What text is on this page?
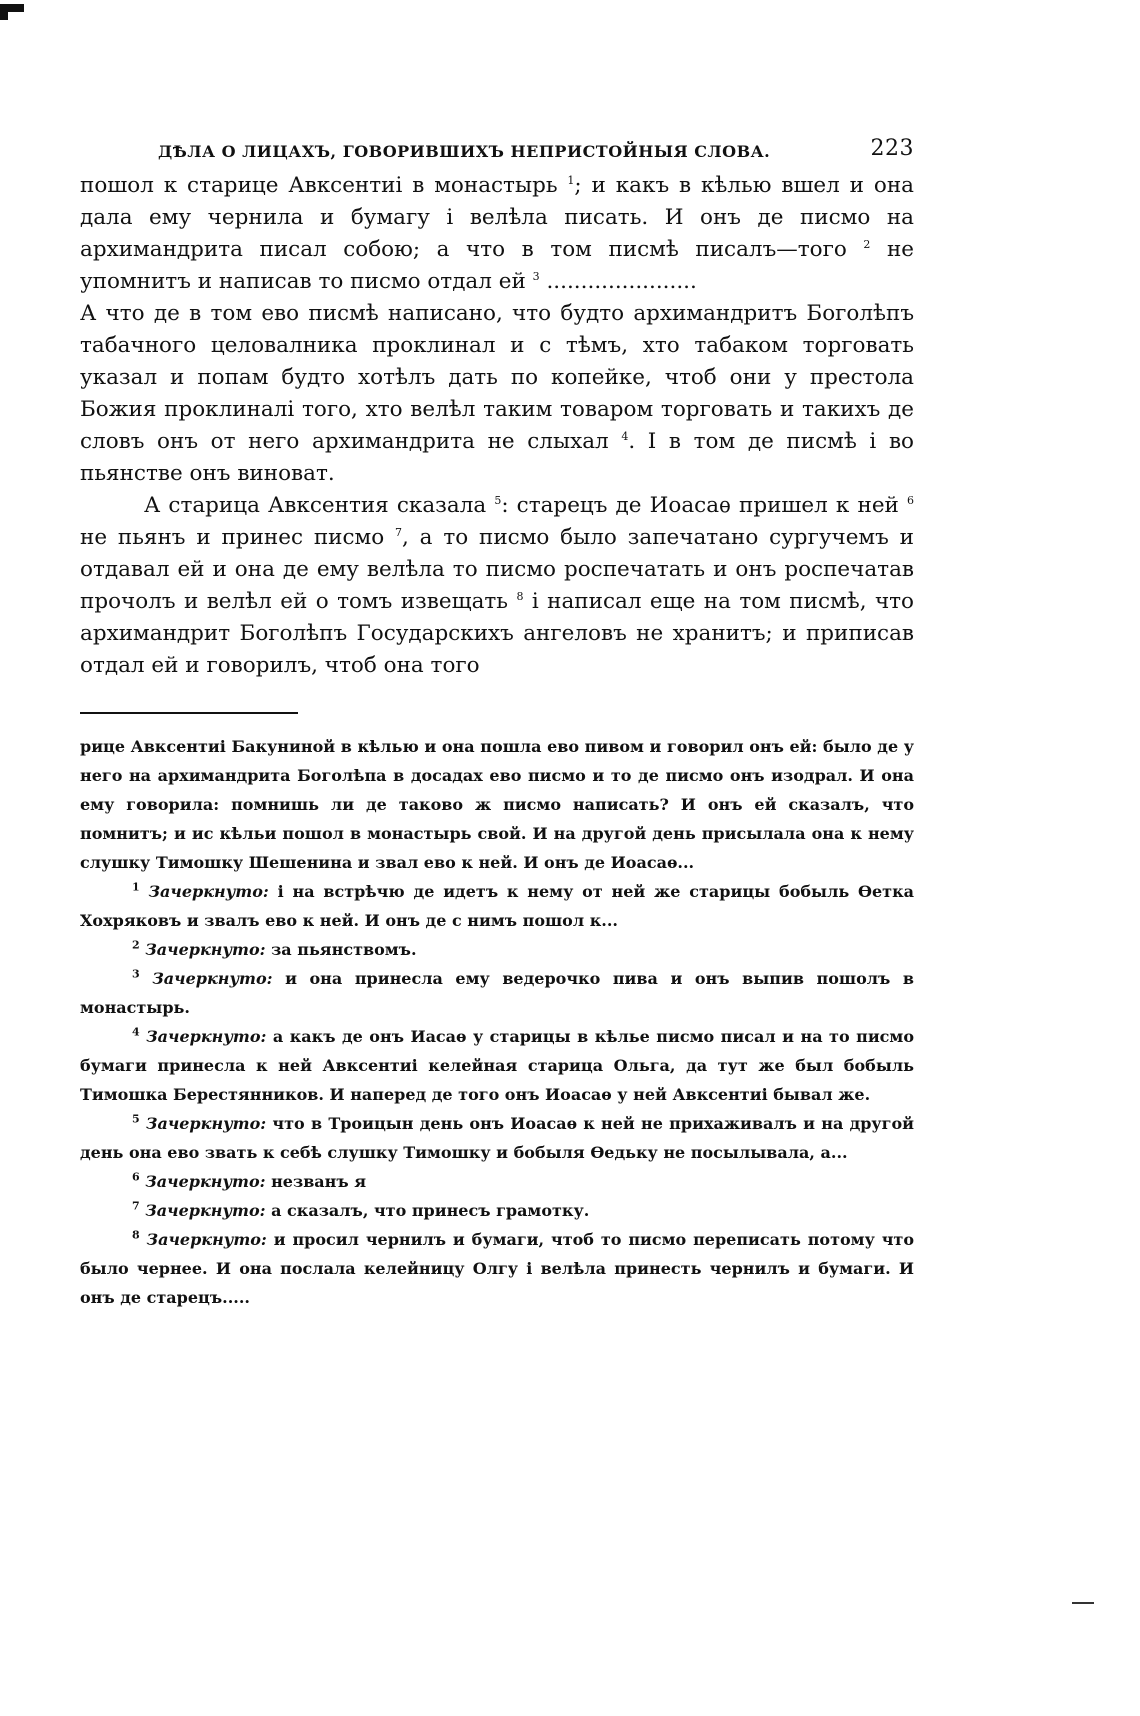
ДѢЛА О ЛИЦАХЪ, ГОВОРИВШИХЪ НЕПРИСТОЙНЫЯ СЛОВА.	223

пошол к старице Авксентиі в монастырь $^1$; и какъ в кѣлью вшел и она дала ему чернила и бумагу і велѣла писать. И онъ де писмо на архимандрита писал собою; а что в том писмѣ писалъ—того $^2$ не упомнитъ и написав то писмо отдал ей $^3$ ......................
А что де в том ево писмѣ написано, что будто архимандритъ Боголѣпъ табачного целовалника проклинал и с тѣмъ, хто табаком торговать указал и попам будто хотѣлъ дать по копейке, чтоб они у престола Божия проклиналі того, хто велѣл таким товаром торговать и такихъ де словъ онъ от него архимандрита не слыхал $^4$. І в том де писмѣ і во пьянстве онъ виноват.

А старица Авксентия сказала $^5$: старецъ де Иоасаѳ пришел к ней $^6$ не пьянъ и принес писмо $^7$, а то писмо было запечатано сургучемъ и отдавал ей и она де ему велѣла то писмо роспечатать и онъ роспечатав прочолъ и велѣл ей о томъ извещать $^8$ і написал еще на том писмѣ, что архимандрит Боголѣпъ Государскихъ ангеловъ не хранитъ; и приписав отдал ей и говорилъ, чтоб она того

рице Авксентиі Бакуниной в кѣлью и она пошла ево пивом и говорил онъ ей: было де у него на архимандрита Боголѣпа в досадах ево писмо и то де писмо онъ изодрал. И она ему говорила: помнишь ли де таково ж писмо написать? И онъ ей сказалъ, что помнитъ; и ис кѣльи пошол в монастырь свой. И на другой день присылала она к нему слушку Тимошку Шешенина и звал ево к ней. И онъ де Иоасаѳ...

$^1$ Зачеркнуто: і на встрѣчю де идетъ к нему от ней же старицы бобыль Ѳетка Хохряковъ и звалъ ево к ней. И онъ де с нимъ пошол к...

$^2$ Зачеркнуто: за пьянствомъ.

$^3$ Зачеркнуто: и она принесла ему ведерочко пива и онъ выпив пошолъ в монастырь.

$^4$ Зачеркнуто: а какъ де онъ Иасаѳ у старицы в кѣлье писмо писал и на то писмо бумаги принесла к ней Авксентиі келейная старица Ольга, да тут же был бобыль Тимошка Берестянников. И наперед де того онъ Иоасаѳ у ней Авксентиі бывал же.

$^5$ Зачеркнуто: что в Троицын день онъ Иоасаѳ к ней не прихаживалъ и на другой день она ево звать к себѣ слушку Тимошку и бобыля Ѳедьку не посылывала, а...

$^6$ Зачеркнуто: незванъ я

$^7$ Зачеркнуто: а сказалъ, что принесъ грамотку.

$^8$ Зачеркнуто: и просил чернилъ и бумаги, чтоб то писмо переписать потому что было чернее. И она послала келейницу Олгу і велѣла принесть чернилъ и бумаги. И онъ де старецъ.....
